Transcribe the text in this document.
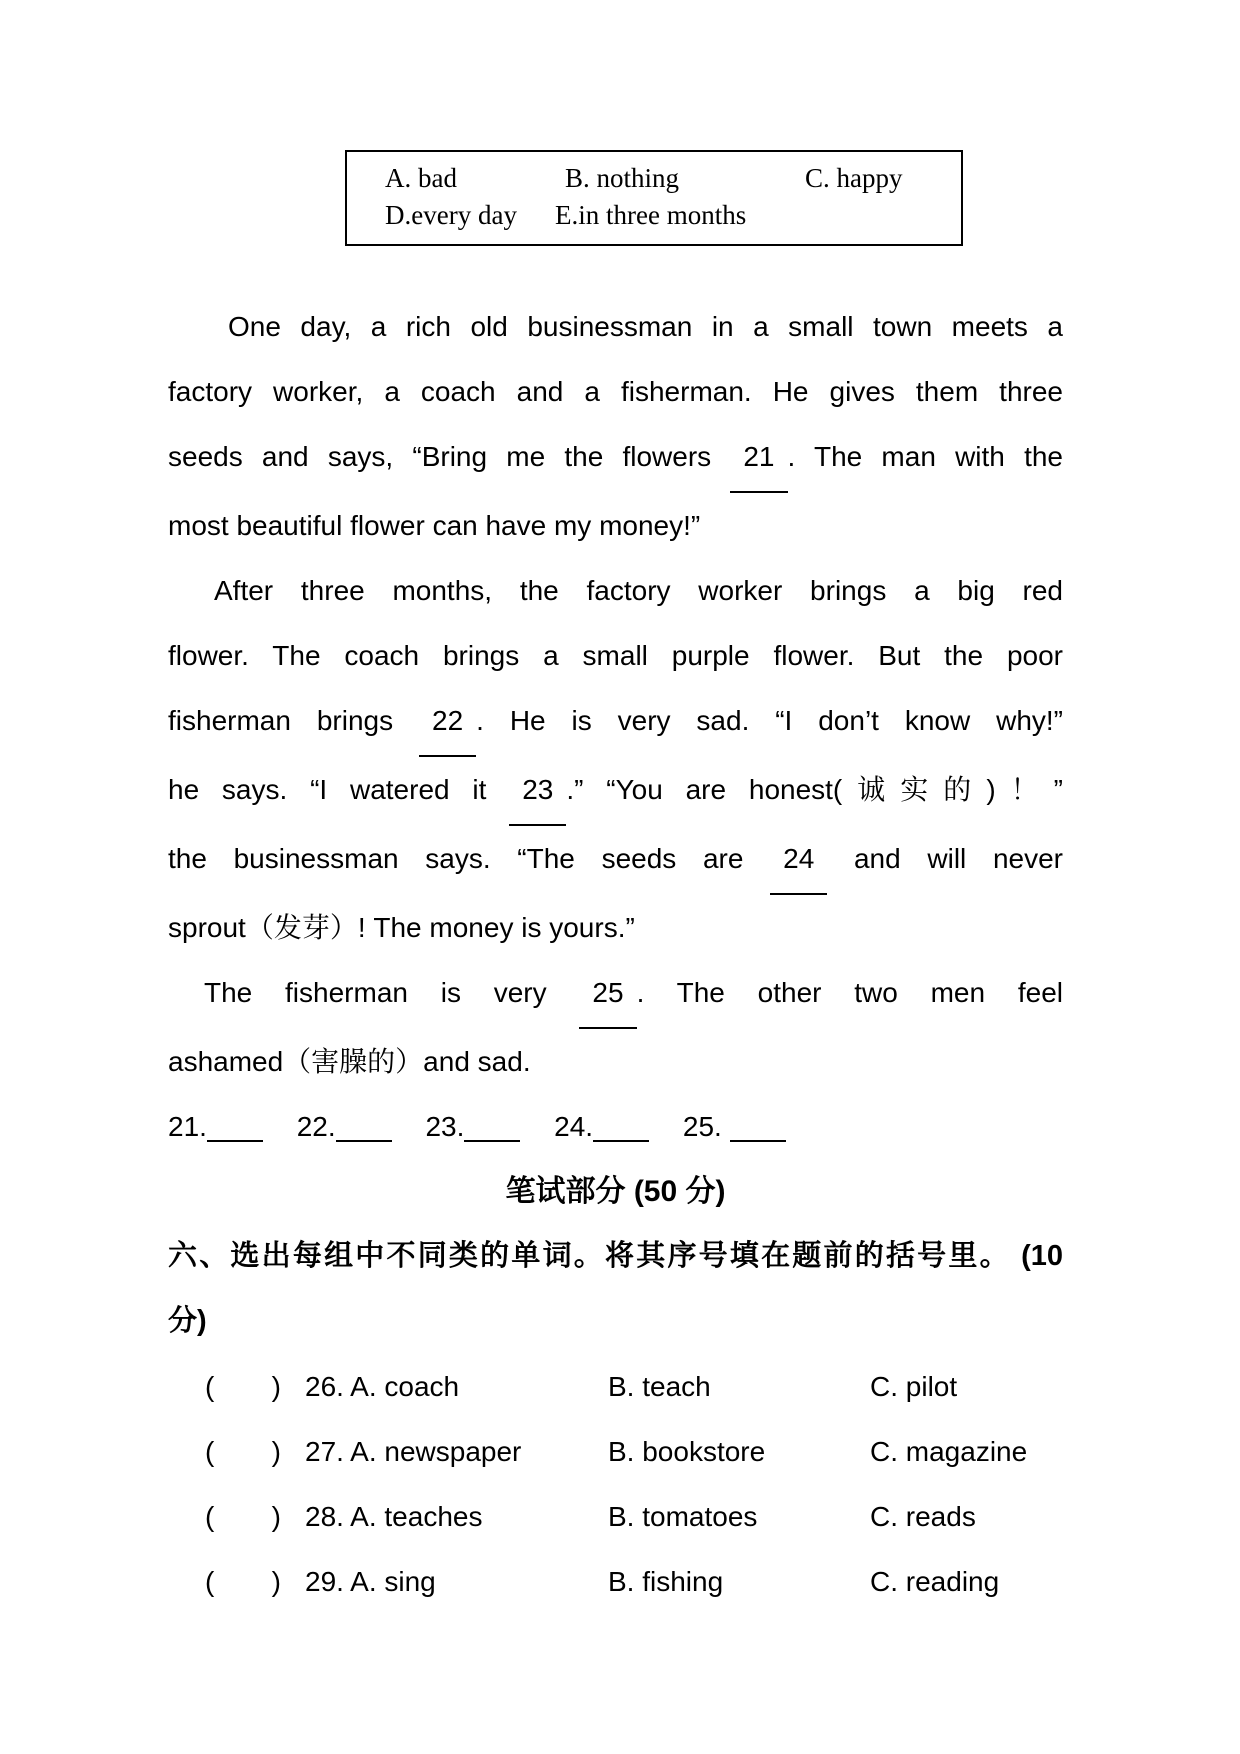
A. bad	B. nothing	C. happy
D.every day	E.in three months
One day, a rich old businessman in a small town meets a
factory worker, a coach and a fisherman. He gives them three
seeds and says, “Bring me the flowers 21 . The man with the
most beautiful flower can have my money!”
After three months, the factory worker brings a big red
flower. The coach brings a small purple flower. But the poor
fisherman brings 22 . He is very sad. “I don’t know why!”
he says. “I watered it 23 .” “You are honest(诚实的)！”
the businessman says. “The seeds are 24 and will never
sprout（发芽）! The money is yours.”
The fisherman is very 25 . The other two men feel
ashamed（害臊的）and sad.
21.	22.	23.	24.	25.
笔试部分 (50 分)
六、选出每组中不同类的单词。将其序号填在题前的括号里。 (10
分)
( ) 26. A. coach	B. teach	C. pilot
( ) 27. A. newspaper	B. bookstore	C. magazine
( ) 28. A. teaches	B. tomatoes	C. reads
( ) 29. A. sing	B. fishing	C. reading
